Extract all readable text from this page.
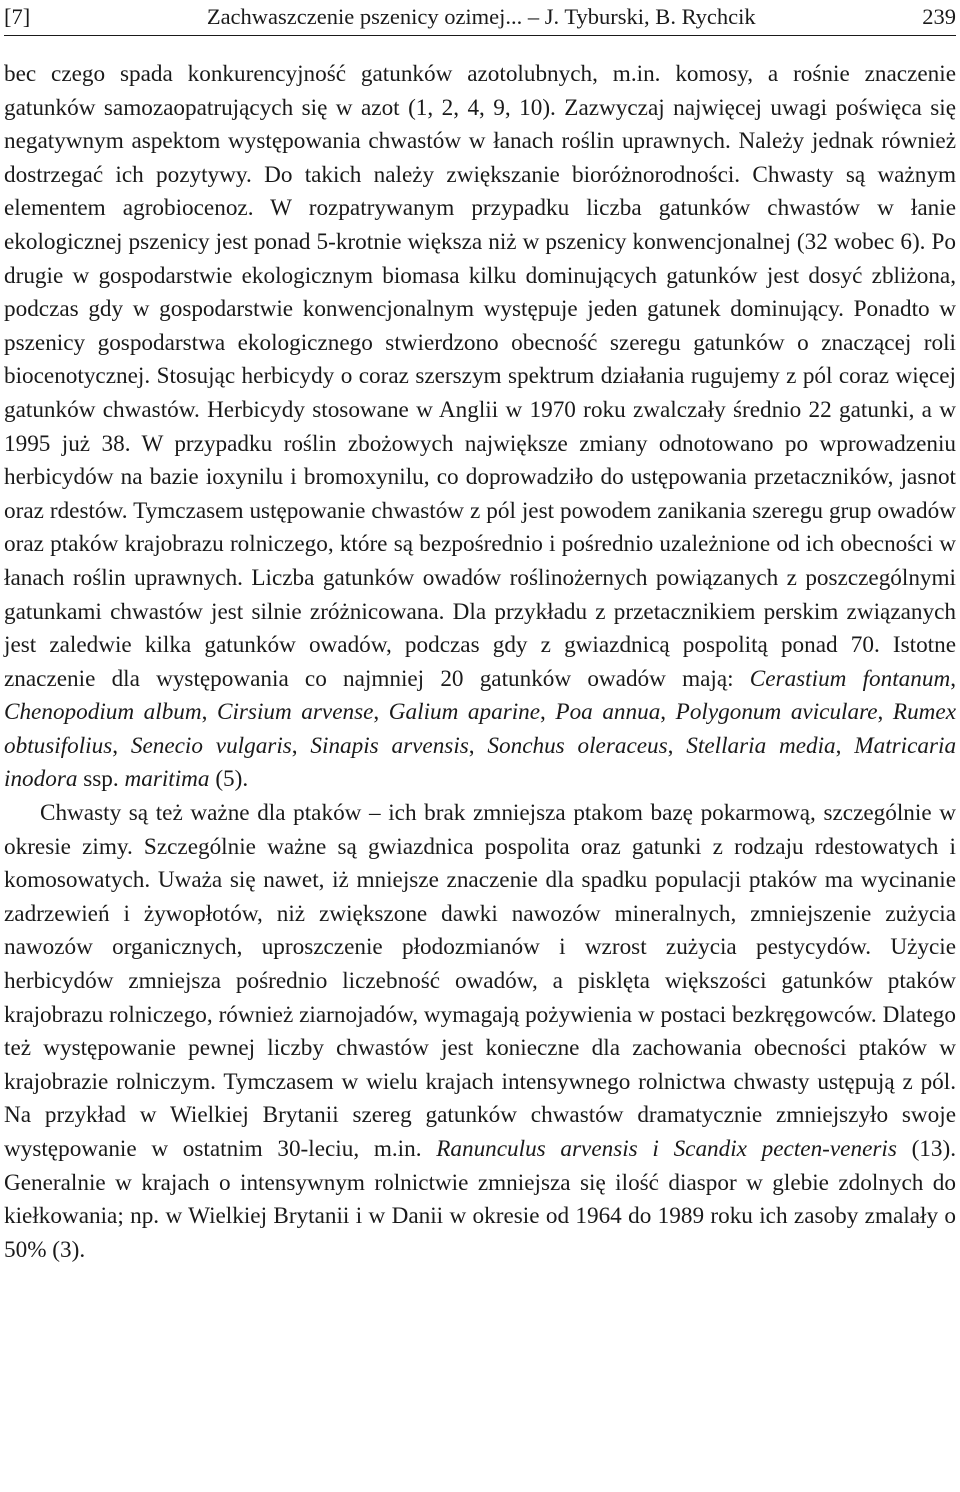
[7]	Zachwaszczenie pszenicy ozimej... – J. Tyburski, B. Rychcik	239

bec czego spada konkurencyjność gatunków azotolubnych, m.in. komosy, a rośnie znaczenie gatunków samozaopatrujących się w azot (1, 2, 4, 9, 10). Zazwyczaj najwięcej uwagi poświęca się negatywnym aspektom występowania chwastów w łanach roślin uprawnych. Należy jednak również dostrzegać ich pozytywy. Do takich należy zwiększanie bioróżnorodności. Chwasty są ważnym elementem agrobiocenoz. W rozpatrywanym przypadku liczba gatunków chwastów w łanie ekologicznej pszenicy jest ponad 5-krotnie większa niż w pszenicy konwencjonalnej (32 wobec 6). Po drugie w gospodarstwie ekologicznym biomasa kilku dominujących gatunków jest dosyć zbliżona, podczas gdy w gospodarstwie konwencjonalnym występuje jeden gatunek dominujący. Ponadto w pszenicy gospodarstwa ekologicznego stwierdzono obecność szeregu gatunków o znaczącej roli biocenotycznej. Stosując herbicydy o coraz szerszym spektrum działania rugujemy z pól coraz więcej gatunków chwastów. Herbicydy stosowane w Anglii w 1970 roku zwalczały średnio 22 gatunki, a w 1995 już 38. W przypadku roślin zbożowych największe zmiany odnotowano po wprowadzeniu herbicydów na bazie ioxynilu i bromoxynilu, co doprowadziło do ustępowania przetaczników, jasnot oraz rdestów. Tymczasem ustępowanie chwastów z pól jest powodem zanikania szeregu grup owadów oraz ptaków krajobrazu rolniczego, które są bezpośrednio i pośrednio uzależnione od ich obecności w łanach roślin uprawnych. Liczba gatunków owadów roślinożernych powiązanych z poszczególnymi gatunkami chwastów jest silnie zróżnicowana. Dla przykładu z przetacznikiem perskim związanych jest zaledwie kilka gatunków owadów, podczas gdy z gwiazdnicą pospolitą ponad 70. Istotne znaczenie dla występowania co najmniej 20 gatunków owadów mają: Cerastium fontanum, Chenopodium album, Cirsium arvense, Galium aparine, Poa annua, Polygonum aviculare, Rumex obtusifolius, Senecio vulgaris, Sinapis arvensis, Sonchus oleraceus, Stellaria media, Matricaria inodora ssp. maritima (5).

Chwasty są też ważne dla ptaków – ich brak zmniejsza ptakom bazę pokarmową, szczególnie w okresie zimy. Szczególnie ważne są gwiazdnica pospolita oraz gatunki z rodzaju rdestowatych i komosowatych. Uważa się nawet, iż mniejsze znaczenie dla spadku populacji ptaków ma wycinanie zadrzewień i żywopłotów, niż zwiększone dawki nawozów mineralnych, zmniejszenie zużycia nawozów organicznych, uproszczenie płodozmianów i wzrost zużycia pestycydów. Użycie herbicydów zmniejsza pośrednio liczebność owadów, a pisklęta większości gatunków ptaków krajobrazu rolniczego, również ziarnojadów, wymagają pożywienia w postaci bezkręgowców. Dlatego też występowanie pewnej liczby chwastów jest konieczne dla zachowania obecności ptaków w krajobrazie rolniczym. Tymczasem w wielu krajach intensywnego rolnictwa chwasty ustępują z pól. Na przykład w Wielkiej Brytanii szereg gatunków chwastów dramatycznie zmniejszyło swoje występowanie w ostatnim 30-leciu, m.in. Ranunculus arvensis i Scandix pecten-veneris (13). Generalnie w krajach o intensywnym rolnictwie zmniejsza się ilość diaspor w glebie zdolnych do kiełkowania; np. w Wielkiej Brytanii i w Danii w okresie od 1964 do 1989 roku ich zasoby zmalały o 50% (3).
